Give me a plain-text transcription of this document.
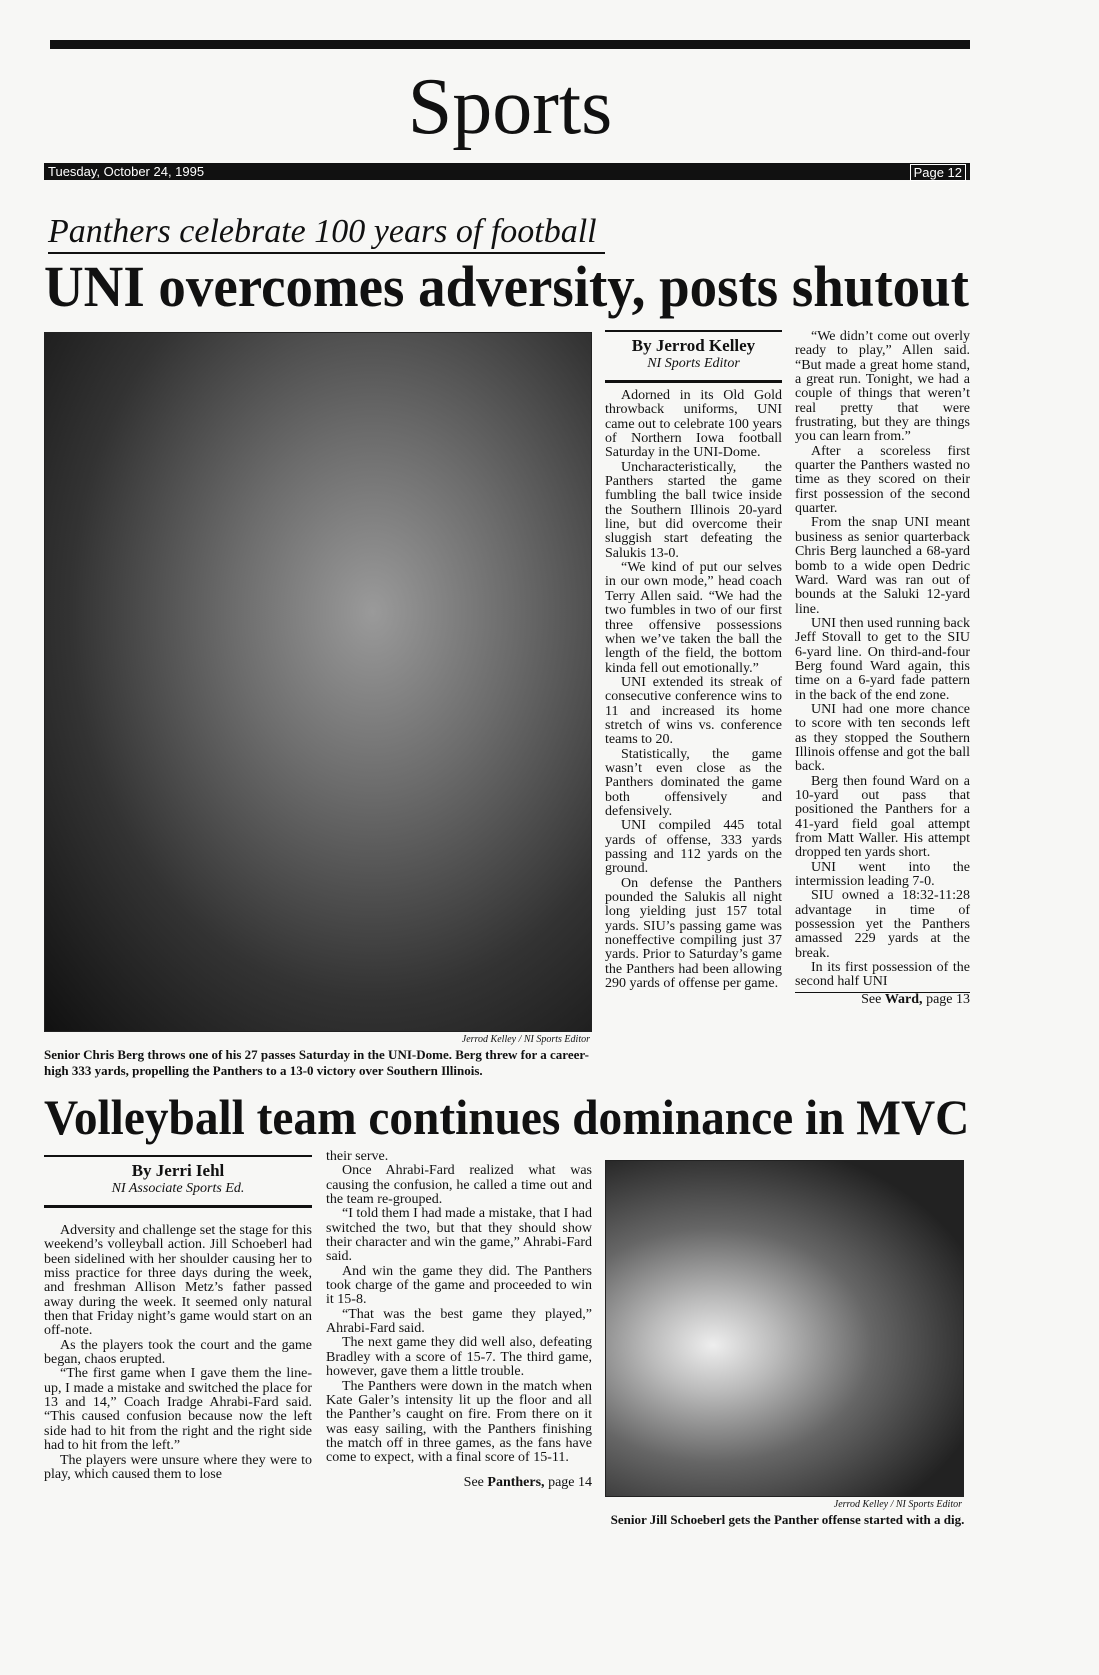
Sports
Tuesday, October 24, 1995	Page 12
Panthers celebrate 100 years of football
UNI overcomes adversity, posts shutout
Jerrod Kelley / NI Sports Editor
Senior Chris Berg throws one of his 27 passes Saturday in the UNI-Dome. Berg threw for a career-high 333 yards, propelling the Panthers to a 13-0 victory over Southern Illinois.
By Jerrod Kelley
NI Sports Editor

Adorned in its Old Gold throwback uniforms, UNI came out to celebrate 100 years of Northern Iowa football Saturday in the UNI-Dome.

Uncharacteristically, the Panthers started the game fumbling the ball twice inside the Southern Illinois 20-yard line, but did overcome their sluggish start defeating the Salukis 13-0.

“We kind of put our selves in our own mode,” head coach Terry Allen said. “We had the two fumbles in two of our first three offensive possessions when we’ve taken the ball the length of the field, the bottom kinda fell out emotionally.”

UNI extended its streak of consecutive conference wins to 11 and increased its home stretch of wins vs. conference teams to 20.

Statistically, the game wasn’t even close as the Panthers dominated the game both offensively and defensively.

UNI compiled 445 total yards of offense, 333 yards passing and 112 yards on the ground.

On defense the Panthers pounded the Salukis all night long yielding just 157 total yards. SIU’s passing game was noneffective compiling just 37 yards. Prior to Saturday’s game the Panthers had been allowing 290 yards of offense per game.

“We didn’t come out overly ready to play,” Allen said. “But made a great home stand, a great run. Tonight, we had a couple of things that weren’t real pretty that were frustrating, but they are things you can learn from.”

After a scoreless first quarter the Panthers wasted no time as they scored on their first possession of the second quarter.

From the snap UNI meant business as senior quarterback Chris Berg launched a 68-yard bomb to a wide open Dedric Ward. Ward was ran out of bounds at the Saluki 12-yard line.

UNI then used running back Jeff Stovall to get to the SIU 6-yard line. On third-and-four Berg found Ward again, this time on a 6-yard fade pattern in the back of the end zone.

UNI had one more chance to score with ten seconds left as they stopped the Southern Illinois offense and got the ball back.

Berg then found Ward on a 10-yard out pass that positioned the Panthers for a 41-yard field goal attempt from Matt Waller. His attempt dropped ten yards short.

UNI went into the intermission leading 7-0.

SIU owned a 18:32-11:28 advantage in time of possession yet the Panthers amassed 229 yards at the break.

In its first possession of the second half UNI

See Ward, page 13
Volleyball team continues dominance in MVC
By Jerri Iehl
NI Associate Sports Ed.

Adversity and challenge set the stage for this weekend’s volleyball action. Jill Schoeberl had been sidelined with her shoulder causing her to miss practice for three days during the week, and freshman Allison Metz’s father passed away during the week. It seemed only natural then that Friday night’s game would start on an off-note.

As the players took the court and the game began, chaos erupted.

“The first game when I gave them the line-up, I made a mistake and switched the place for 13 and 14,” Coach Iradge Ahrabi-Fard said. “This caused confusion because now the left side had to hit from the right and the right side had to hit from the left.”

The players were unsure where they were to play, which caused them to lose

their serve.

Once Ahrabi-Fard realized what was causing the confusion, he called a time out and the team re-grouped.

“I told them I had made a mistake, that I had switched the two, but that they should show their character and win the game,” Ahrabi-Fard said.

And win the game they did. The Panthers took charge of the game and proceeded to win it 15-8.

“That was the best game they played,” Ahrabi-Fard said.

The next game they did well also, defeating Bradley with a score of 15-7. The third game, however, gave them a little trouble.

The Panthers were down in the match when Kate Galer’s intensity lit up the floor and all the Panther’s caught on fire. From there on it was easy sailing, with the Panthers finishing the match off in three games, as the fans have come to expect, with a final score of 15-11.

See Panthers, page 14
Jerrod Kelley / NI Sports Editor
Senior Jill Schoeberl gets the Panther offense started with a dig.
